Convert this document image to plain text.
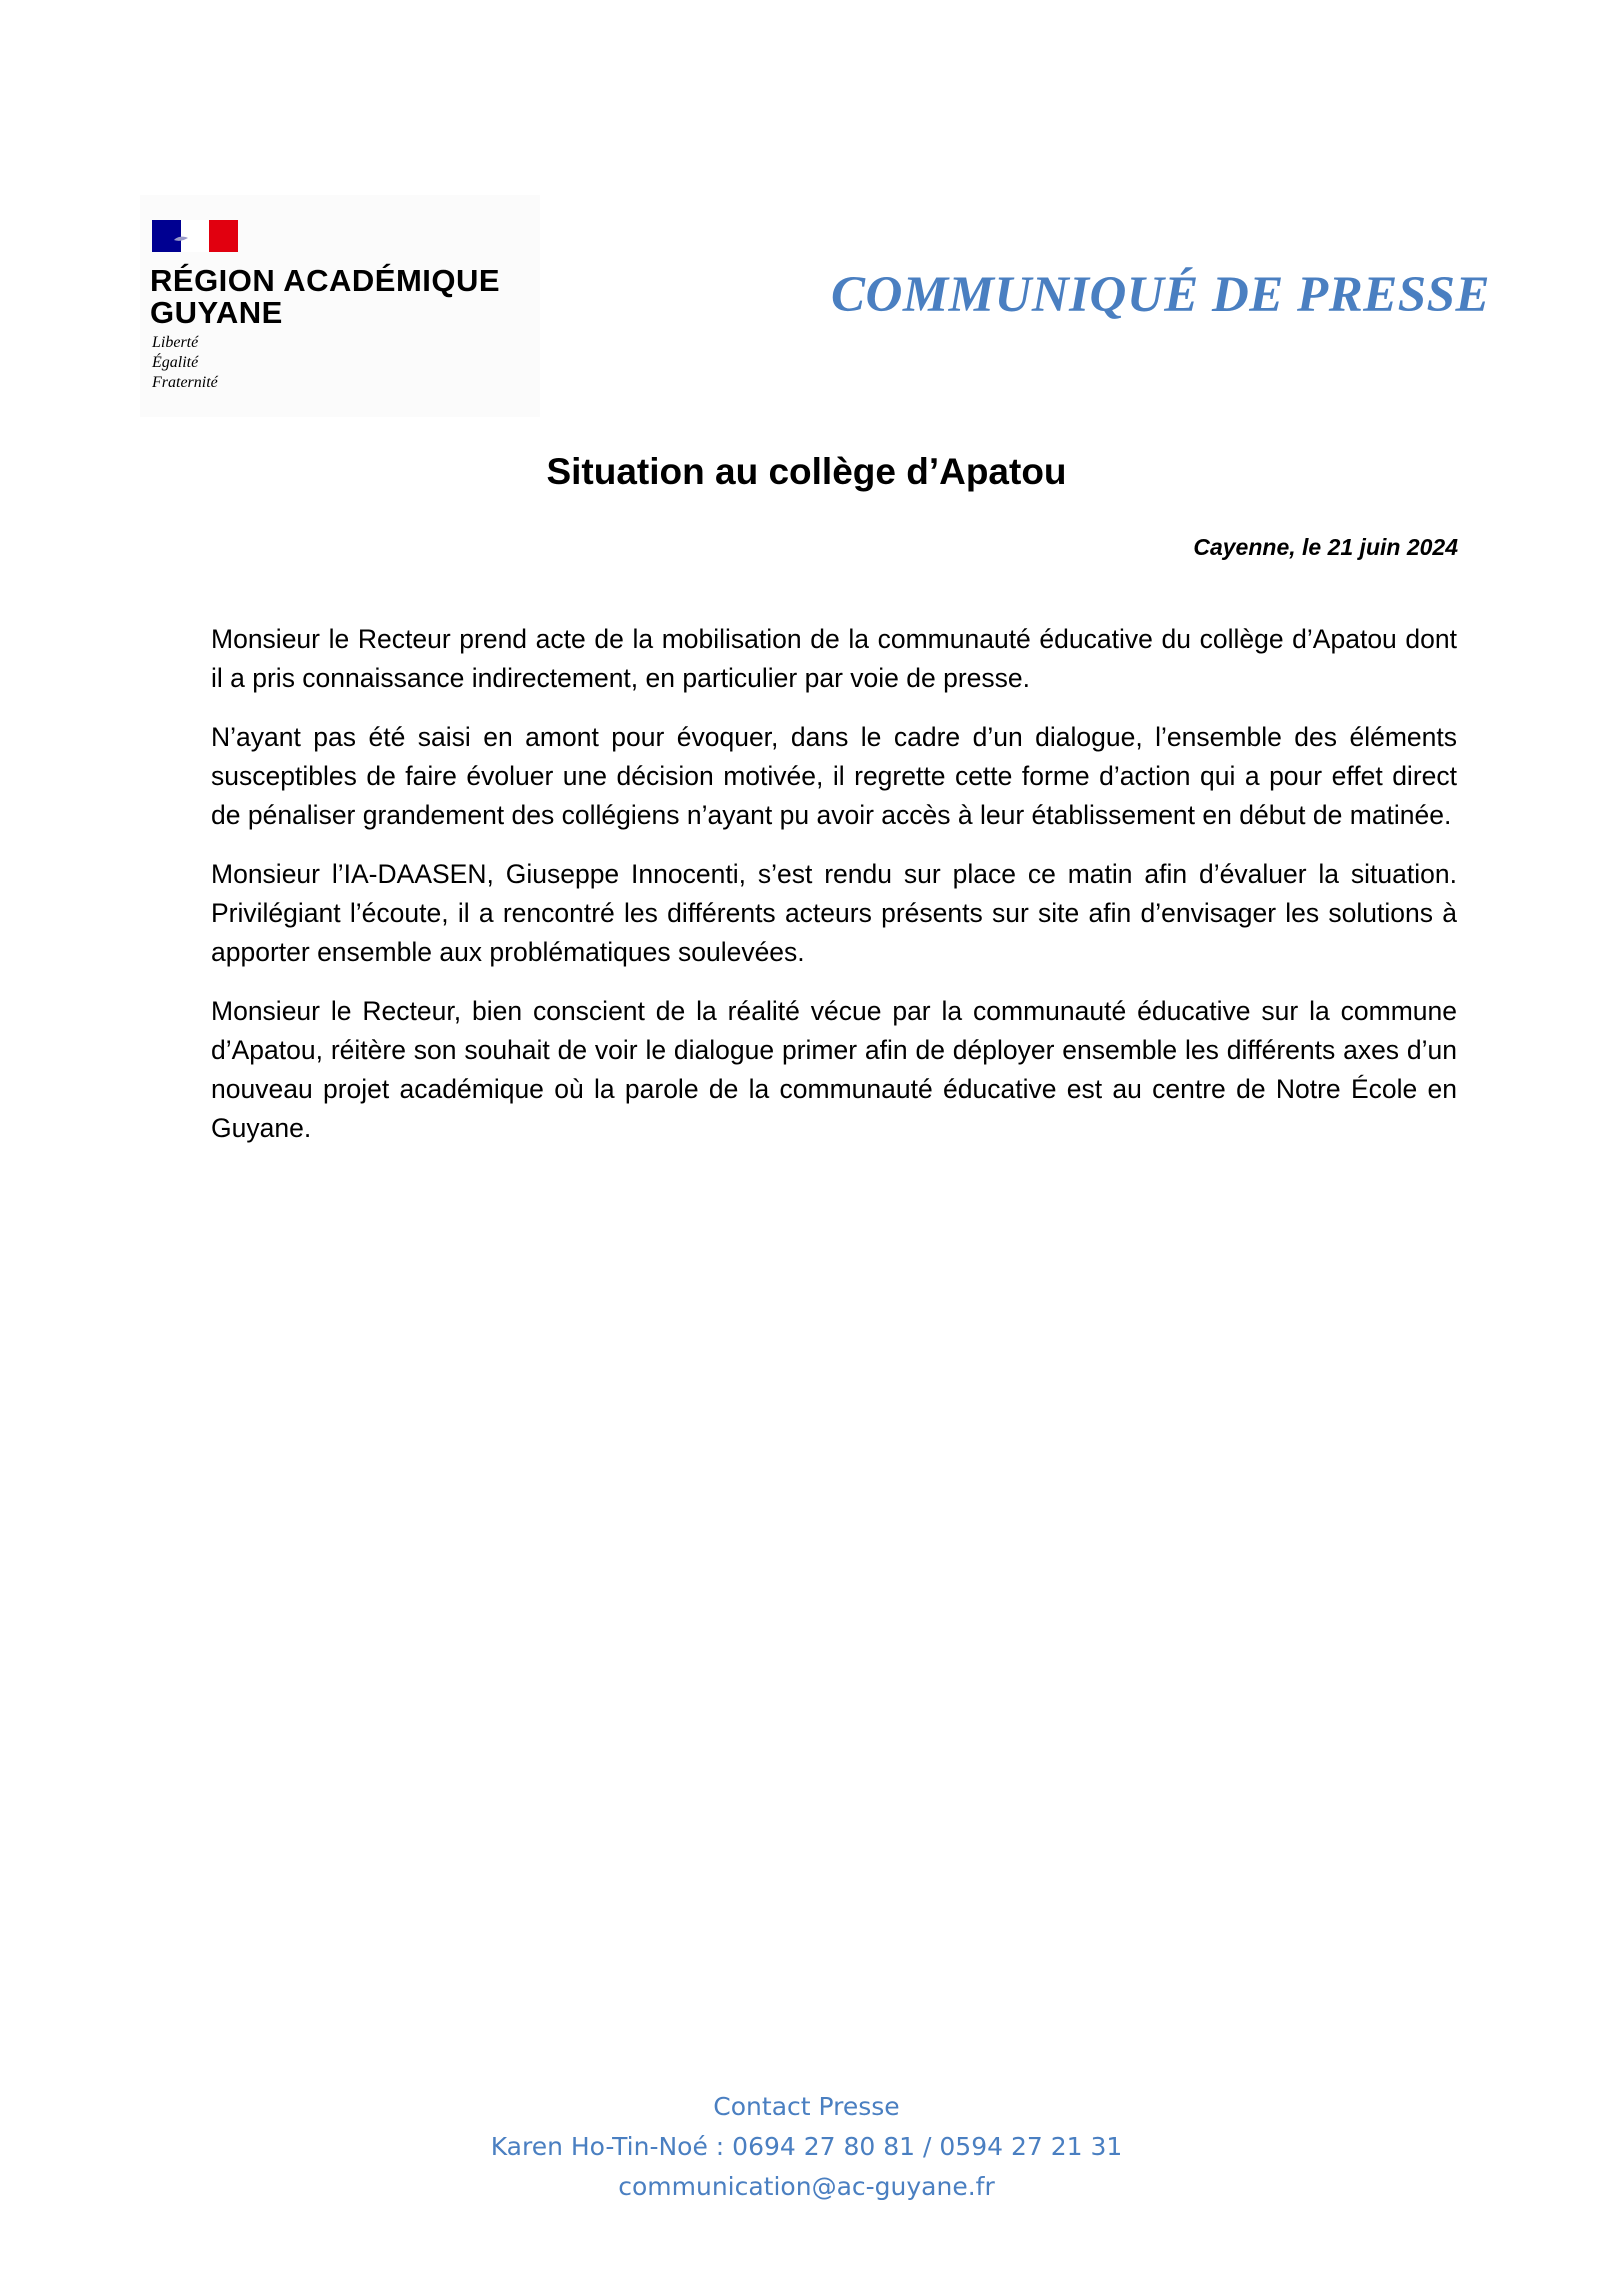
RÉGION ACADÉMIQUE
GUYANE
Liberté
Égalité
Fraternité
COMMUNIQUÉ DE PRESSE
Situation au collège d’Apatou
Cayenne, le 21 juin 2024

Monsieur le Recteur prend acte de la mobilisation de la communauté éducative du collège d’Apatou dont il a pris connaissance indirectement, en particulier par voie de presse.

N’ayant pas été saisi en amont pour évoquer, dans le cadre d’un dialogue, l’ensemble des éléments susceptibles de faire évoluer une décision motivée, il regrette cette forme d’action qui a pour effet direct de pénaliser grandement des collégiens n’ayant pu avoir accès à leur établissement en début de matinée.

Monsieur l’IA-DAASEN, Giuseppe Innocenti, s’est rendu sur place ce matin afin d’évaluer la situation. Privilégiant l’écoute, il a rencontré les différents acteurs présents sur site afin d’envisager les solutions à apporter ensemble aux problématiques soulevées.

Monsieur le Recteur, bien conscient de la réalité vécue par la communauté éducative sur la commune d’Apatou, réitère son souhait de voir le dialogue primer afin de déployer ensemble les différents axes d’un nouveau projet académique où la parole de la communauté éducative est au centre de Notre École en Guyane.

Contact Presse
Karen Ho-Tin-Noé : 0694 27 80 81 / 0594 27 21 31
communication@ac-guyane.fr
